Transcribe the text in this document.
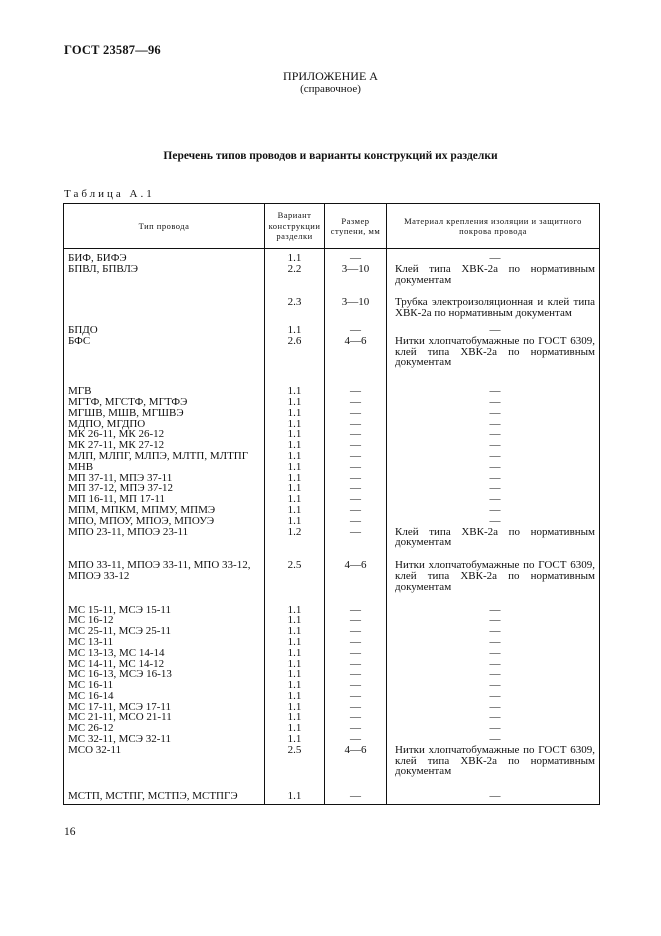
ГОСТ 23587—96
ПРИЛОЖЕНИЕ А
(справочное)
Перечень типов проводов и варианты конструкций их разделки
Таблица А.1
Тип провода	Вариант конструкции разделки	Размер ступени, мм	Материал крепления изоляции и защитного покрова провода
БИФ, БИФЭ	1.1	—	—
БПВЛ, БПВЛЭ	2.2	3—10	Клей типа ХВК-2а по нормативным документам
	2.3	3—10	Трубка электроизоляционная и клей типа ХВК-2а по нормативным документам
БПДО	1.1	—	—
БФС	2.6	4—6	Нитки хлопчатобумажные по ГОСТ 6309, клей типа ХВК-2а по нормативным документам
МГВ	1.1	—	—
МГТФ, МГСТФ, МГТФЭ	1.1	—	—
МГШВ, МШВ, МГШВЭ	1.1	—	—
МДПО, МГДПО	1.1	—	—
МК 26-11, МК 26-12	1.1	—	—
МК 27-11, МК 27-12	1.1	—	—
МЛП, МЛПГ, МЛПЭ, МЛТП, МЛТПГ	1.1	—	—
МНВ	1.1	—	—
МП 37-11, МПЭ 37-11	1.1	—	—
МП 37-12, МПЭ 37-12	1.1	—	—
МП 16-11, МП 17-11	1.1	—	—
МПМ, МПКМ, МПМУ, МПМЭ	1.1	—	—
МПО, МПОУ, МПОЭ, МПОУЭ	1.1	—	—
МПО 23-11, МПОЭ 23-11	1.2	—	Клей типа ХВК-2а по нормативным документам
МПО 33-11, МПОЭ 33-11, МПО 33-12, МПОЭ 33-12	2.5	4—6	Нитки хлопчатобумажные по ГОСТ 6309, клей типа ХВК-2а по нормативным документам
МС 15-11, МСЭ 15-11	1.1	—	—
МС 16-12	1.1	—	—
МС 25-11, МСЭ 25-11	1.1	—	—
МС 13-11	1.1	—	—
МС 13-13, МС 14-14	1.1	—	—
МС 14-11, МС 14-12	1.1	—	—
МС 16-13, МСЭ 16-13	1.1	—	—
МС 16-11	1.1	—	—
МС 16-14	1.1	—	—
МС 17-11, МСЭ 17-11	1.1	—	—
МС 21-11, МСО 21-11	1.1	—	—
МС 26-12	1.1	—	—
МС 32-11, МСЭ 32-11	1.1	—	—
МСО 32-11	2.5	4—6	Нитки хлопчатобумажные по ГОСТ 6309, клей типа ХВК-2а по нормативным документам
МСТП, МСТПГ, МСТПЭ, МСТПГЭ	1.1	—	—
16
